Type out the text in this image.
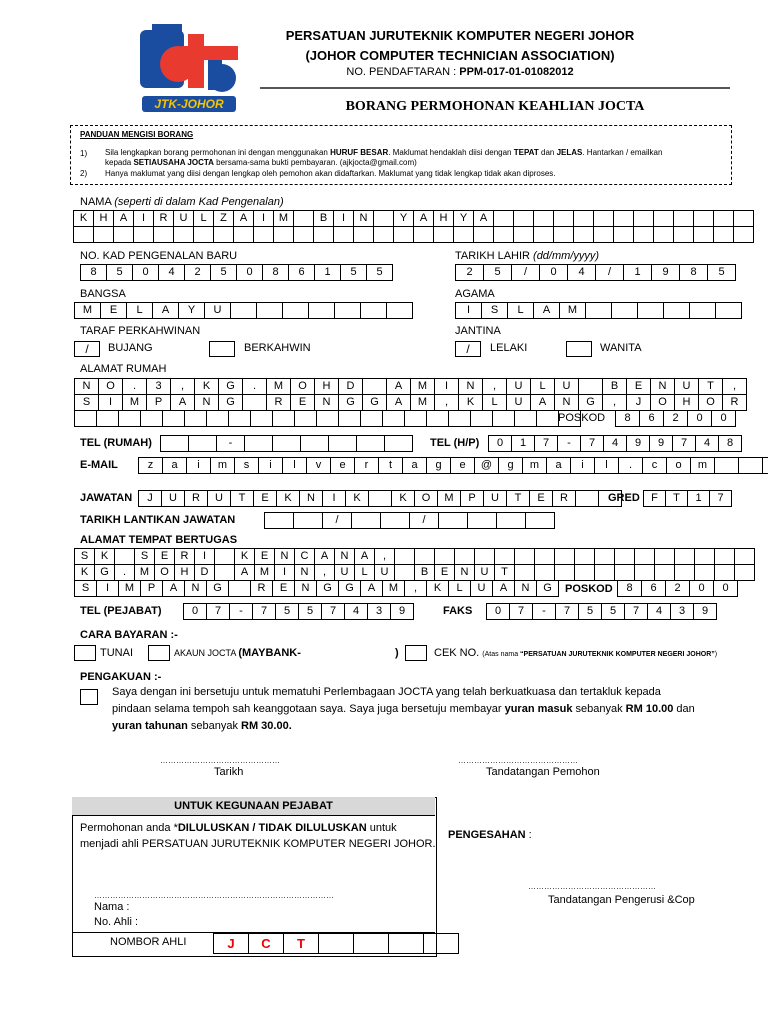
JTK-JOHOR
PERSATUAN JURUTEKNIK KOMPUTER NEGERI JOHOR
(JOHOR COMPUTER TECHNICIAN ASSOCIATION)
NO. PENDAFTARAN : PPM-017-01-01082012
BORANG PERMOHONAN KEAHLIAN JOCTA
PANDUAN MENGISI BORANG
1) Sila lengkapkan borang permohonan ini dengan menggunakan HURUF BESAR. Maklumat hendaklah diisi dengan TEPAT dan JELAS. Hantarkan / emailkan
kepada SETIAUSAHA JOCTA bersama-sama bukti pembayaran. (ajkjocta@gmail.com)
2) Hanya maklumat yang diisi dengan lengkap oleh pemohon akan didaftarkan. Maklumat yang tidak lengkap tidak akan diproses.
NAMA (seperti di dalam Kad Pengenalan)
K	H	A	I	R	U	L	Z	A	I	M	B	I	N	Y	A	H	Y	A
NO. KAD PENGENALAN BARU
8	5	0	4	2	5	0	8	6	1	5	5
TARIKH LAHIR (dd/mm/yyyy)
2	5	/	0	4	/	1	9	8	5
BANGSA
M	E	L	A	Y	U
AGAMA
I	S	L	A	M
TARAF PERKAHWINAN
/	BUJANG	BERKAHWIN
JANTINA
/	LELAKI	WANITA
ALAMAT RUMAH
N	O	.	3	,	K	G	.	M	O	H	D	A	M	I	N	,	U	L	U	B	E	N	U	T	,
S	I	M	P	A	N	G	R	E	N	G	G	A	M	,	K	L	U	A	N	G	,	J	O	H	O	R
POSKOD	8	6	2	0	0
TEL (RUMAH)	-	TEL (H/P)	0	1	7	-	7	4	9	9	7	4	8
E-MAIL	z	a	i	m	s	i	l	v	e	r	t	a	g	e	@	g	m	a	i	l	.	c	o	m
JAWATAN	J	U	R	U	T	E	K	N	I	K	K	O	M	P	U	T	E	R	GRED	F	T	1	7
TARIKH LANTIKAN JAWATAN	/	/
ALAMAT TEMPAT BERTUGAS
S	K	S	E	R	I	K	E	N	C	A	N	A	,
K	G	.	M	O	H	D	A	M	I	N	,	U	L	U	B	E	N	U	T
S	I	M	P	A	N	G	R	E	N	G	G	A	M	,	K	L	U	A	N	G	POSKOD	8	6	2	0	0
TEL (PEJABAT)	0	7	-	7	5	5	7	4	3	9	FAKS	0	7	-	7	5	5	7	4	3	9
CARA BAYARAN :-
TUNAI	AKAUN JOCTA (MAYBANK-	)	CEK NO. (Atas nama “PERSATUAN JURUTEKNIK KOMPUTER NEGERI JOHOR”)
PENGAKUAN :-
Saya dengan ini bersetuju untuk mematuhi Perlembagaan JOCTA yang telah berkuatkuasa dan tertakluk kepada
pindaan selama tempoh sah keanggotaan saya. Saya juga bersetuju membayar yuran masuk sebanyak RM 10.00 dan
yuran tahunan sebanyak RM 30.00.
………………………………………
Tarikh
………………………………………
Tandatangan Pemohon
UNTUK KEGUNAAN PEJABAT
Permohonan anda *DILULUSKAN / TIDAK DILULUSKAN untuk
menjadi ahli PERSATUAN JURUTEKNIK KOMPUTER NEGERI JOHOR.
………………………………………………………………………………
Nama :
No. Ahli :
NOMBOR AHLI	J	C	T
PENGESAHAN :
…………………………………………
Tandatangan Pengerusi &Cop
